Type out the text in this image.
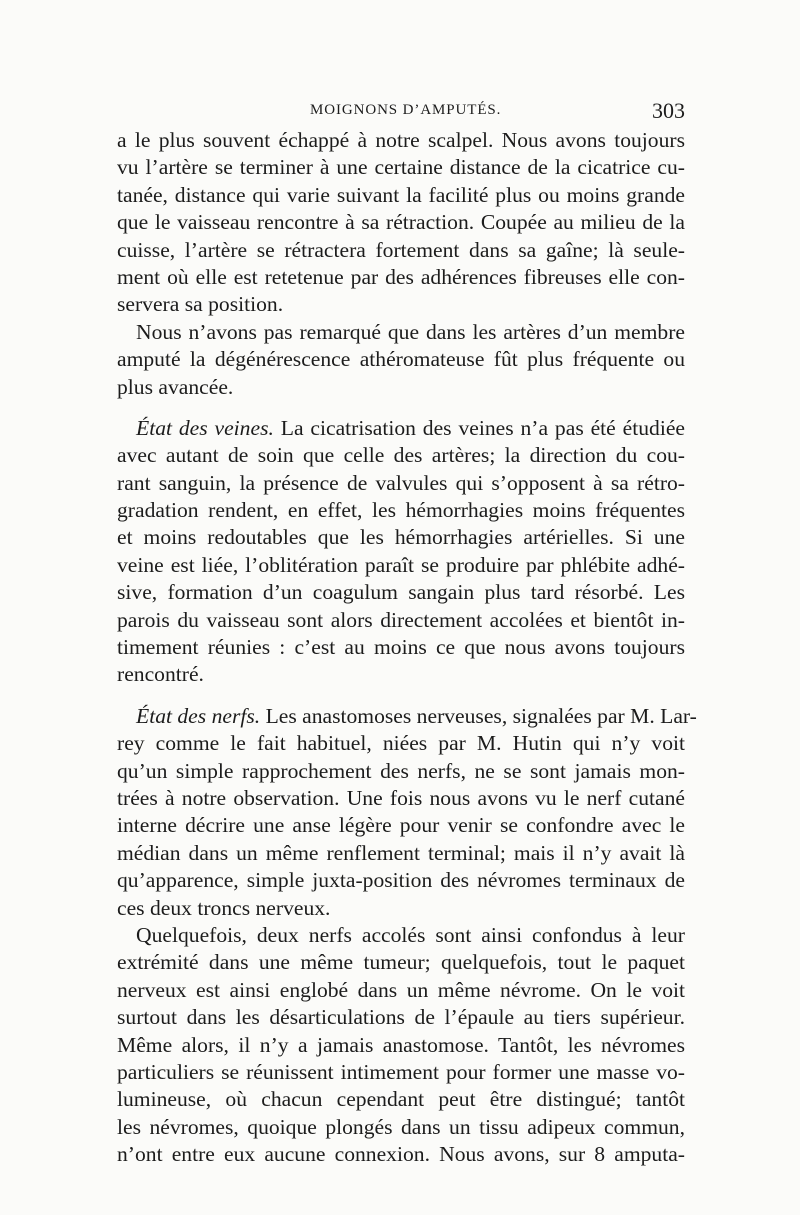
MOIGNONS D’AMPUTÉS.	303
a le plus souvent échappé à notre scalpel. Nous avons toujours
vu l’artère se terminer à une certaine distance de la cicatrice cu-
tanée, distance qui varie suivant la facilité plus ou moins grande
que le vaisseau rencontre à sa rétraction. Coupée au milieu de la
cuisse, l’artère se rétractera fortement dans sa gaîne; là seule-
ment où elle est retetenue par des adhérences fibreuses elle con-
servera sa position.
Nous n’avons pas remarqué que dans les artères d’un membre
amputé la dégénérescence athéromateuse fût plus fréquente ou
plus avancée.
État des veines. La cicatrisation des veines n’a pas été étudiée
avec autant de soin que celle des artères; la direction du cou-
rant sanguin, la présence de valvules qui s’opposent à sa rétro-
gradation rendent, en effet, les hémorrhagies moins fréquentes
et moins redoutables que les hémorrhagies artérielles. Si une
veine est liée, l’oblitération paraît se produire par phlébite adhé-
sive, formation d’un coagulum sangain plus tard résorbé. Les
parois du vaisseau sont alors directement accolées et bientôt in-
timement réunies : c’est au moins ce que nous avons toujours
rencontré.
État des nerfs. Les anastomoses nerveuses, signalées par M. Lar-
rey comme le fait habituel, niées par M. Hutin qui n’y voit
qu’un simple rapprochement des nerfs, ne se sont jamais mon-
trées à notre observation. Une fois nous avons vu le nerf cutané
interne décrire une anse légère pour venir se confondre avec le
médian dans un même renflement terminal; mais il n’y avait là
qu’apparence, simple juxta-position des névromes terminaux de
ces deux troncs nerveux.
Quelquefois, deux nerfs accolés sont ainsi confondus à leur
extrémité dans une même tumeur; quelquefois, tout le paquet
nerveux est ainsi englobé dans un même névrome. On le voit
surtout dans les désarticulations de l’épaule au tiers supérieur.
Même alors, il n’y a jamais anastomose. Tantôt, les névromes
particuliers se réunissent intimement pour former une masse vo-
lumineuse, où chacun cependant peut être distingué; tantôt
les névromes, quoique plongés dans un tissu adipeux commun,
n’ont entre eux aucune connexion. Nous avons, sur 8 amputa-
